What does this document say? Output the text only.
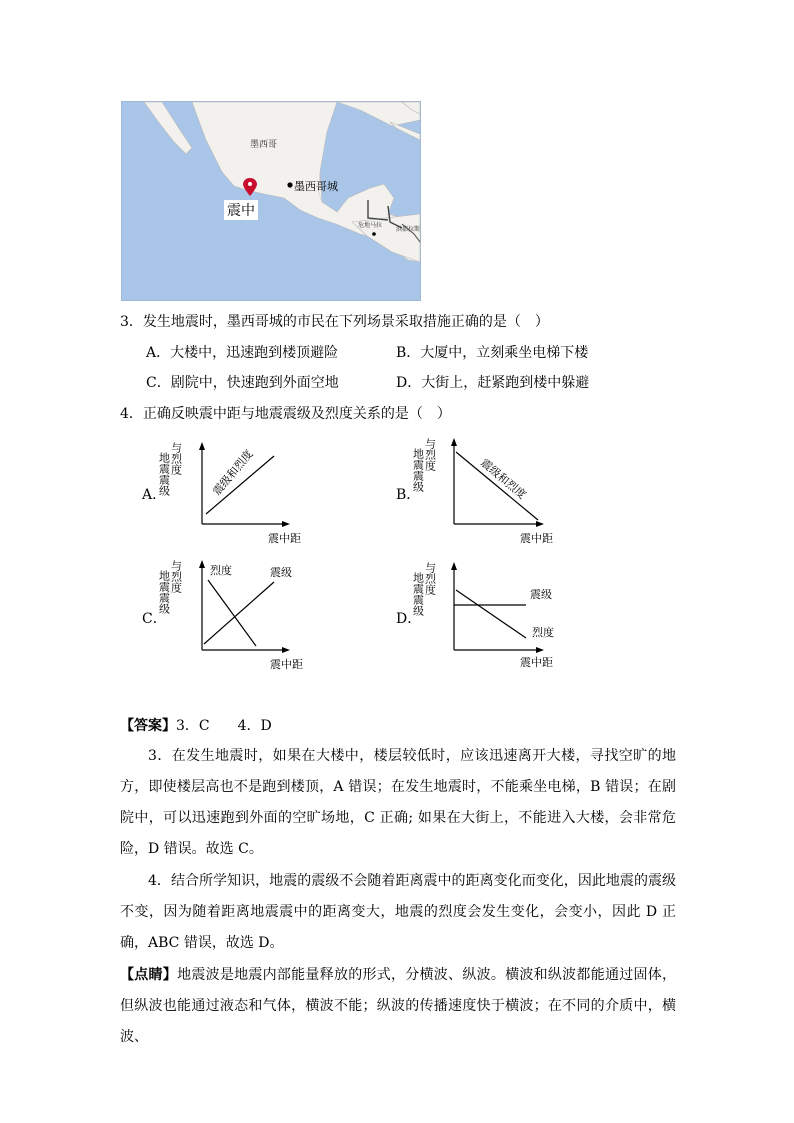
墨西哥
墨西哥城
震中
危地马拉
洪都拉斯
3．发生地震时，墨西哥城的市民在下列场景采取措施正确的是（　）
A．大楼中，迅速跑到楼顶避险	B．大厦中，立刻乘坐电梯下楼
C．剧院中，快速跑到外面空地	D．大街上，赶紧跑到楼中躲避
4．正确反映震中距与地震震级及烈度关系的是（　）
A．
地震震级 与烈度	震级和烈度
震中距
B．
地震震级 与烈度
震级和烈度
震中距
C．
地震震级 与烈度	烈度	震级
震中距
D．
地震震级 与烈度	震级
烈度
震中距
【答案】3．C　　4．D
3．在发生地震时，如果在大楼中，楼层较低时，应该迅速离开大楼，寻找空旷的地方，即使楼层高也不是跑到楼顶，A 错误；在发生地震时，不能乘坐电梯，B 错误；在剧院中，可以迅速跑到外面的空旷场地，C 正确; 如果在大街上，不能进入大楼，会非常危险，D 错误。故选 C。
4．结合所学知识，地震的震级不会随着距离震中的距离变化而变化，因此地震的震级不变，因为随着距离地震震中的距离变大，地震的烈度会发生变化，会变小，因此 D 正确，ABC 错误，故选 D。
【点睛】地震波是地震内部能量释放的形式，分横波、纵波。横波和纵波都能通过固体，但纵波也能通过液态和气体，横波不能；纵波的传播速度快于横波；在不同的介质中，横波、
